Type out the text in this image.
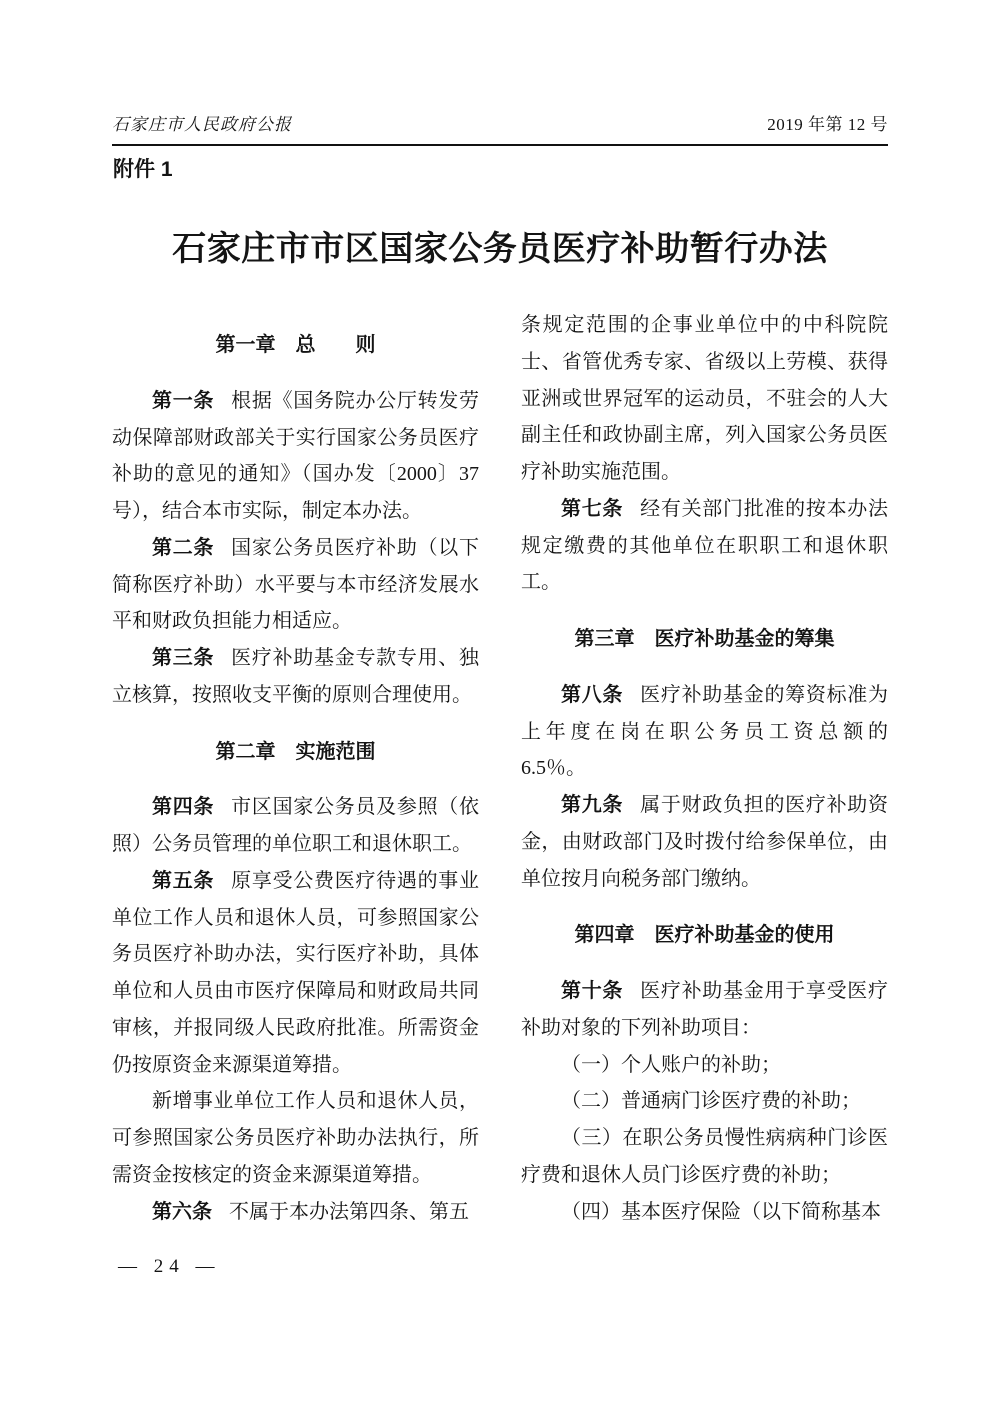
石家庄市人民政府公报	2019 年第 12 号
附件 1
石家庄市市区国家公务员医疗补助暂行办法
第一章　总　　则

第一条 根据《国务院办公厅转发劳动保障部财政部关于实行国家公务员医疗补助的意见的通知》（国办发〔2000〕37 号），结合本市实际，制定本办法。

第二条 国家公务员医疗补助（以下简称医疗补助）水平要与本市经济发展水平和财政负担能力相适应。

第三条 医疗补助基金专款专用、独立核算，按照收支平衡的原则合理使用。

第二章　实施范围

第四条 市区国家公务员及参照（依照）公务员管理的单位职工和退休职工。

第五条 原享受公费医疗待遇的事业单位工作人员和退休人员，可参照国家公务员医疗补助办法，实行医疗补助，具体单位和人员由市医疗保障局和财政局共同审核，并报同级人民政府批准。所需资金仍按原资金来源渠道筹措。

新增事业单位工作人员和退休人员，可参照国家公务员医疗补助办法执行，所需资金按核定的资金来源渠道筹措。

第六条 不属于本办法第四条、第五

条规定范围的企事业单位中的中科院院士、省管优秀专家、省级以上劳模、获得亚洲或世界冠军的运动员，不驻会的人大副主任和政协副主席，列入国家公务员医疗补助实施范围。

第七条 经有关部门批准的按本办法规定缴费的其他单位在职职工和退休职工。

第三章　医疗补助基金的筹集

第八条 医疗补助基金的筹资标准为上年度在岗在职公务员工资总额的 6.5％。

第九条 属于财政负担的医疗补助资金，由财政部门及时拨付给参保单位，由单位按月向税务部门缴纳。

第四章　医疗补助基金的使用

第十条 医疗补助基金用于享受医疗补助对象的下列补助项目：

（一）个人账户的补助；

（二）普通病门诊医疗费的补助；

（三）在职公务员慢性病病种门诊医疗费和退休人员门诊医疗费的补助；

（四）基本医疗保险（以下简称基本

— 24 —
